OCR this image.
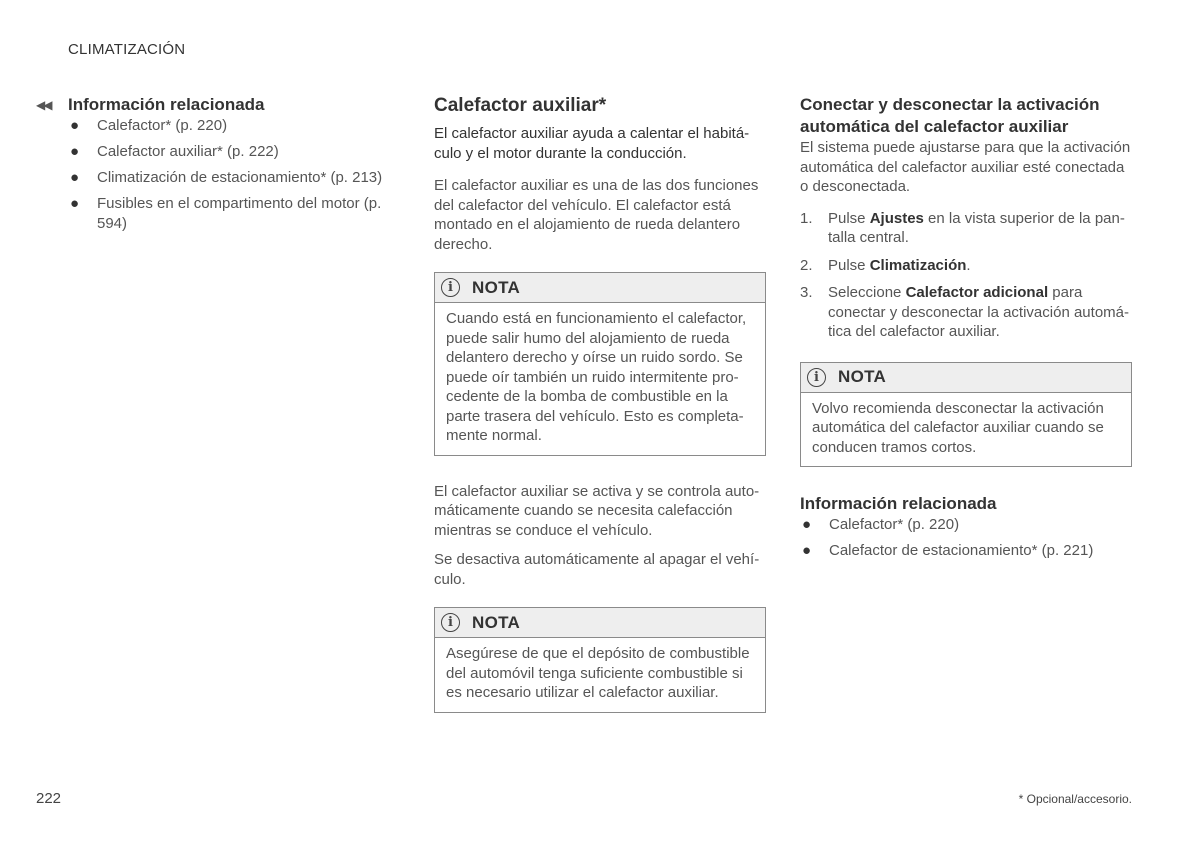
CLIMATIZACIÓN
◀◀	Información relacionada
● Calefactor* (p. 220)
● Calefactor auxiliar* (p. 222)
● Climatización de estacionamiento* (p. 213)
● Fusibles en el compartimento del motor (p. 594)
Calefactor auxiliar*

El calefactor auxiliar ayuda a calentar el habitá- culo y el motor durante la conducción.

El calefactor auxiliar es una de las dos funciones del calefactor del vehículo. El calefactor está montado en el alojamiento de rueda delantero derecho.

i	NOTA
Cuando está en funcionamiento el calefactor, puede salir humo del alojamiento de rueda delantero derecho y oírse un ruido sordo. Se puede oír también un ruido intermitente pro- cedente de la bomba de combustible en la parte trasera del vehículo. Esto es completa- mente normal.

El calefactor auxiliar se activa y se controla auto- máticamente cuando se necesita calefacción mientras se conduce el vehículo.

Se desactiva automáticamente al apagar el vehí- culo.

i	NOTA
Asegúrese de que el depósito de combustible del automóvil tenga suficiente combustible si es necesario utilizar el calefactor auxiliar.
Conectar y desconectar la activación automática del calefactor auxiliar

El sistema puede ajustarse para que la activación automática del calefactor auxiliar esté conectada o desconectada.

1. Pulse Ajustes en la vista superior de la pan- talla central.
2. Pulse Climatización.
3. Seleccione Calefactor adicional para conectar y desconectar la activación automá- tica del calefactor auxiliar.
i	NOTA
Volvo recomienda desconectar la activación automática del calefactor auxiliar cuando se conducen tramos cortos.
Información relacionada
● Calefactor* (p. 220)
● Calefactor de estacionamiento* (p. 221)
222	* Opcional/accesorio.
